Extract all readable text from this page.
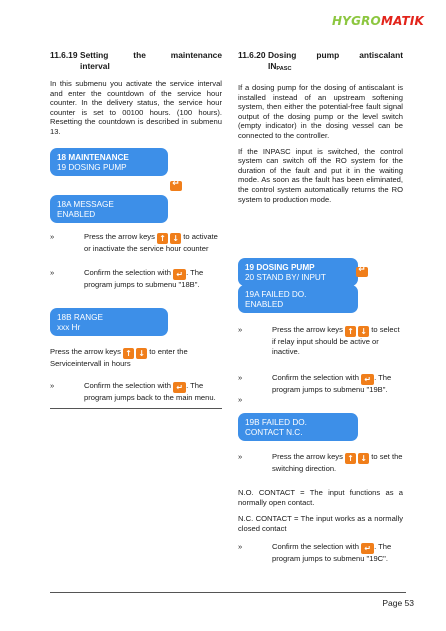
HYGROMATIK
11.6.19 Setting the maintenance
interval
In this submenu you activate the service interval and enter the countdown of the service hour counter. In the delivery status, the service hour counter is set to 00100 hours. (100 hours). Resetting the countdown is described in submenu 13.
18 MAINTENANCE
19 DOSING PUMP
↵
18A MESSAGE
ENABLED
»	Press the arrow keys ↑ ↓ to activate or inactivate the service hour counter
»	Confirm the selection with ↵ . The program jumps to submenu "18B".
18B RANGE
xxx Hr
Press the arrow keys ↑ ↓ to enter the Serviceintervall in hours
»	Confirm the selection with ↵ . The program jumps back to the main menu.
11.6.20 Dosing pump antiscalant
$IN_{PASC}$
If a dosing pump for the dosing of antiscalant is installed instead of an upstream softening system, then either the potential-free fault signal output of the dosing pump or the level switch (empty indicator) in the dosing vessel can be connected to the controller.
If the INPASC input is switched, the control system can switch off the RO system for the duration of the fault and put it in the waiting mode. As soon as the fault has been eliminated, the control system automatically returns the RO system to production mode.
19 DOSING PUMP
20 STAND BY/ INPUT
↵
19A FAILED DO.
ENABLED
»	Press the arrow keys ↑ ↓ to select if relay input should be active or inactive.
»	Confirm the selection with ↵ . The program jumps to submenu "19B".
»
19B FAILED DO.
CONTACT N.C.
»	Press the arrow keys ↑ ↓ to set the switching direction.
N.O. CONTACT = The input functions as a normally open contact.
N.C. CONTACT = The input works as a normally closed contact
»	Confirm the selection with ↵ . The program jumps to submenu "19C".
Page 53
